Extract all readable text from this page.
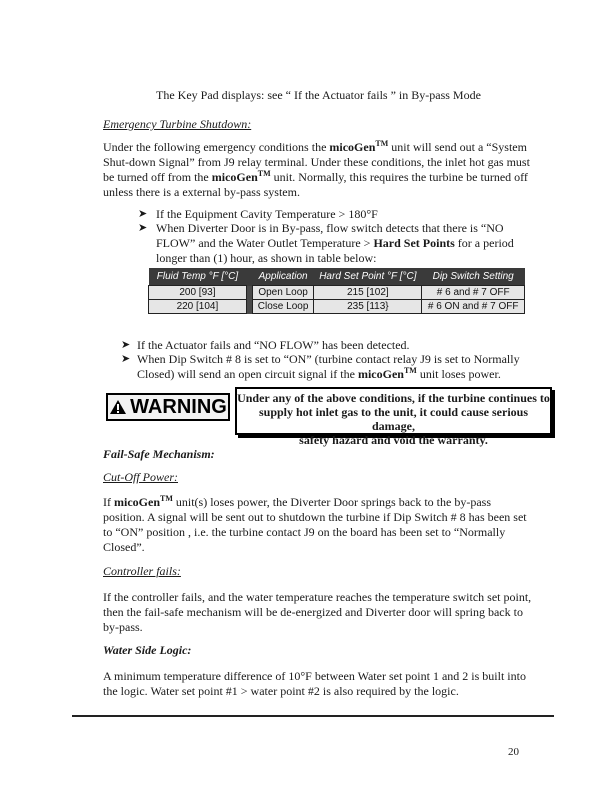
The Key Pad displays: see “ If the Actuator fails ” in By-pass Mode
Emergency Turbine Shutdown:
Under the following emergency conditions the micoGen™ unit will send out a “System
Shut-down Signal” from J9 relay terminal. Under these conditions, the inlet hot gas must
be turned off from the micoGen™ unit. Normally, this requires the turbine be turned off
unless there is a external by-pass system.
➤ If the Equipment Cavity Temperature > 180°F
➤ When Diverter Door is in By-pass, flow switch detects that there is “NO
FLOW” and the Water Outlet Temperature > Hard Set Points for a period
longer than (1) hour, as shown in table below:
Fluid Temp °F [°C]		Application	Hard Set Point °F [°C]	Dip Switch Setting
200 [93]		Open Loop	215 [102]	# 6 and # 7 OFF
220 [104]		Close Loop	235 [113}	# 6 ON and # 7 OFF
➤ If the Actuator fails and “NO FLOW” has been detected.
➤ When Dip Switch # 8 is set to “ON” (turbine contact relay J9 is set to Normally
Closed) will send an open circuit signal if the micoGen™ unit loses power.
WARNING Under any of the above conditions, if the turbine continues to
supply hot inlet gas to the unit, it could cause serious damage,
safety hazard and void the warranty.
Fail-Safe Mechanism:
Cut-Off Power:
If micoGen™ unit(s) loses power, the Diverter Door springs back to the by-pass
position. A signal will be sent out to shutdown the turbine if Dip Switch # 8 has been set
to “ON” position , i.e. the turbine contact J9 on the board has been set to “Normally
Closed”.
Controller fails:
If the controller fails, and the water temperature reaches the temperature switch set point,
then the fail-safe mechanism will be de-energized and Diverter door will spring back to
by-pass.
Water Side Logic:
A minimum temperature difference of 10°F between Water set point 1 and 2 is built into
the logic. Water set point #1 > water point #2 is also required by the logic.
20
